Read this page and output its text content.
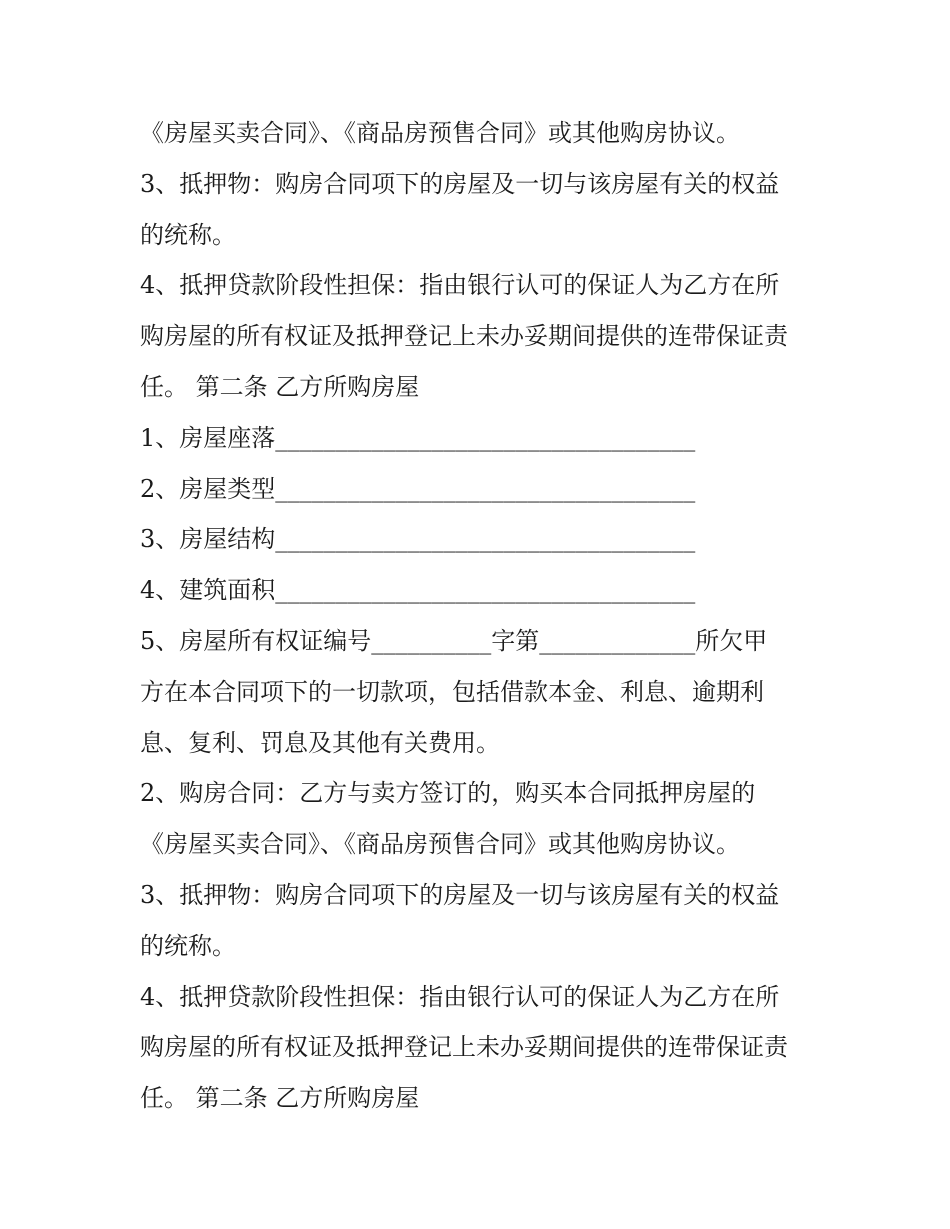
《房屋买卖合同》、《商品房预售合同》或其他购房协议。
3、抵押物：购房合同项下的房屋及一切与该房屋有关的权益
的统称。
4、抵押贷款阶段性担保：指由银行认可的保证人为乙方在所
购房屋的所有权证及抵押登记上未办妥期间提供的连带保证责
任。 第二条 乙方所购房屋
1、房屋座落___________________________________
2、房屋类型___________________________________
3、房屋结构___________________________________
4、建筑面积___________________________________
5、房屋所有权证编号__________字第_____________所欠甲
方在本合同项下的一切款项，包括借款本金、利息、逾期利
息、复利、罚息及其他有关费用。
2、购房合同：乙方与卖方签订的，购买本合同抵押房屋的
《房屋买卖合同》、《商品房预售合同》或其他购房协议。
3、抵押物：购房合同项下的房屋及一切与该房屋有关的权益
的统称。
4、抵押贷款阶段性担保：指由银行认可的保证人为乙方在所
购房屋的所有权证及抵押登记上未办妥期间提供的连带保证责
任。 第二条 乙方所购房屋
